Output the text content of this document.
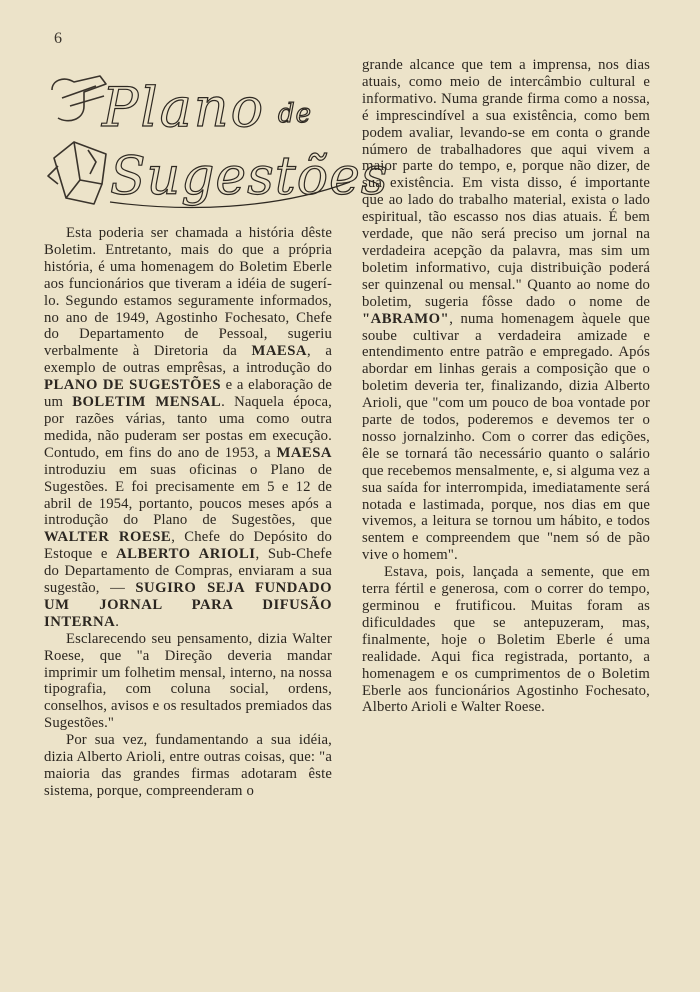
6
Plano de
Sugestões

Esta poderia ser chamada a história dêste Boletim. Entretanto, mais do que a própria história, é uma homenagem do Boletim Eberle aos funcionários que tiveram a idéia de sugerí-lo. Segundo estamos seguramente informados, no ano de 1949, Agostinho Fochesato, Chefe do Departamento de Pessoal, sugeriu verbalmente à Diretoria da MAESA, a exemplo de outras emprêsas, a introdução do PLANO DE SUGESTÕES e a elaboração de um BOLETIM MENSAL. Naquela época, por razões várias, tanto uma como outra medida, não puderam ser postas em execução. Contudo, em fins do ano de 1953, a MAESA introduziu em suas oficinas o Plano de Sugestões. E foi precisamente em 5 e 12 de abril de 1954, portanto, poucos meses após a introdução do Plano de Sugestões, que WALTER ROESE, Chefe do Depósito do Estoque e ALBERTO ARIOLI, Sub-Chefe do Departamento de Compras, enviaram a sua sugestão, — SUGIRO SEJA FUNDADO UM JORNAL PARA DIFUSÃO INTERNA.

Esclarecendo seu pensamento, dizia Walter Roese, que "a Direção deveria mandar imprimir um folhetim mensal, interno, na nossa tipografia, com coluna social, ordens, conselhos, avisos e os resultados premiados das Sugestões."

Por sua vez, fundamentando a sua idéia, dizia Alberto Arioli, entre outras coisas, que: "a maioria das grandes firmas adotaram êste sistema, porque, compreenderam o

grande alcance que tem a imprensa, nos dias atuais, como meio de intercâmbio cultural e informativo. Numa grande firma como a nossa, é imprescindível a sua existência, como bem podem avaliar, levando-se em conta o grande número de trabalhadores que aqui vivem a maior parte do tempo, e, porque não dizer, de sua existência. Em vista disso, é importante que ao lado do trabalho material, exista o lado espiritual, tão escasso nos dias atuais. É bem verdade, que não será preciso um jornal na verdadeira acepção da palavra, mas sim um boletim informativo, cuja distribuição poderá ser quinzenal ou mensal." Quanto ao nome do boletim, sugeria fôsse dado o nome de "ABRAMO", numa homenagem àquele que soube cultivar a verdadeira amizade e entendimento entre patrão e empregado. Após abordar em linhas gerais a composição que o boletim deveria ter, finalizando, dizia Alberto Arioli, que "com um pouco de boa vontade por parte de todos, poderemos e devemos ter o nosso jornalzinho. Com o correr das edições, êle se tornará tão necessário quanto o salário que recebemos mensalmente, e, si alguma vez a sua saída for interrompida, imediatamente será notada e lastimada, porque, nos dias em que vivemos, a leitura se tornou um hábito, e todos sentem e compreendem que "nem só de pão vive o homem".

Estava, pois, lançada a semente, que em terra fértil e generosa, com o correr do tempo, germinou e frutificou. Muitas foram as dificuldades que se antepuzeram, mas, finalmente, hoje o Boletim Eberle é uma realidade. Aqui fica registrada, portanto, a homenagem e os cumprimentos de o Boletim Eberle aos funcionários Agostinho Fochesato, Alberto Arioli e Walter Roese.
